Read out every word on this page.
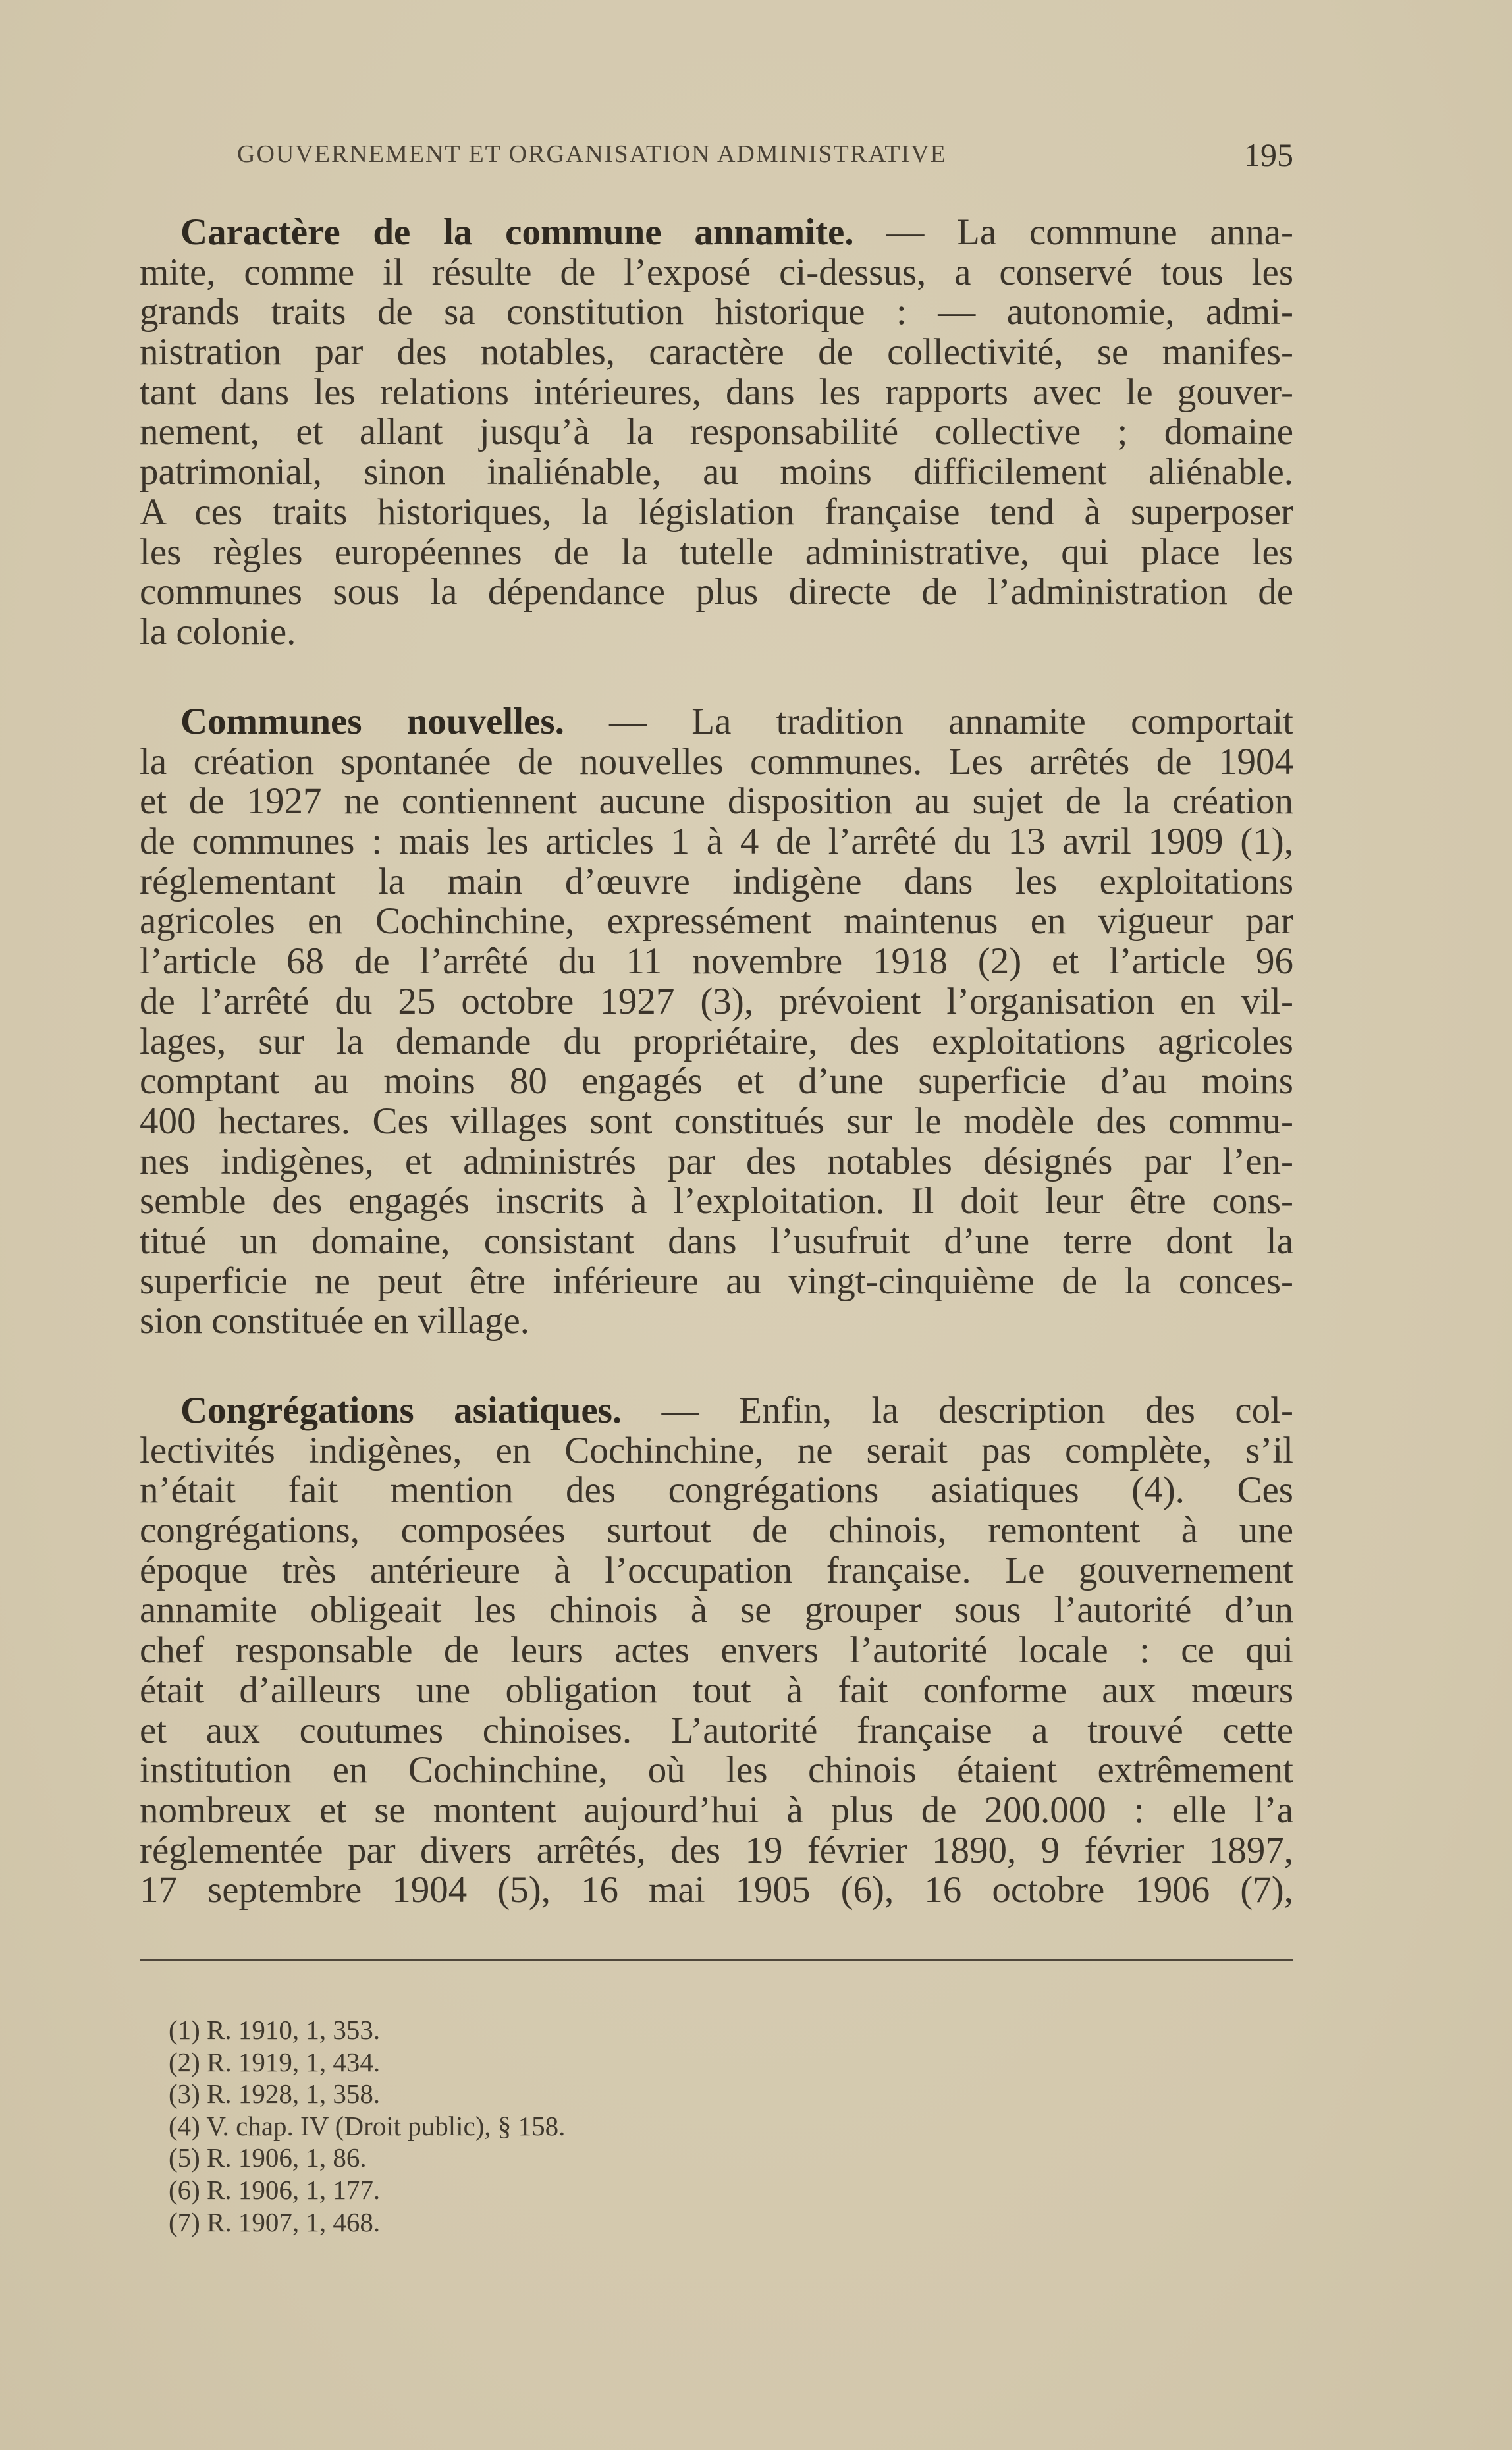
GOUVERNEMENT ET ORGANISATION ADMINISTRATIVE	195
Caractère de la commune annamite. — La commune anna-
mite, comme il résulte de l’exposé ci-dessus, a conservé tous les
grands traits de sa constitution historique : — autonomie, admi-
nistration par des notables, caractère de collectivité, se manifes-
tant dans les relations intérieures, dans les rapports avec le gouver-
nement, et allant jusqu’à la responsabilité collective ; domaine
patrimonial, sinon inaliénable, au moins difficilement aliénable.
A ces traits historiques, la législation française tend à superposer
les règles européennes de la tutelle administrative, qui place les
communes sous la dépendance plus directe de l’administration de
la colonie.
Communes nouvelles. — La tradition annamite comportait
la création spontanée de nouvelles communes. Les arrêtés de 1904
et de 1927 ne contiennent aucune disposition au sujet de la création
de communes : mais les articles 1 à 4 de l’arrêté du 13 avril 1909 (1),
réglementant la main d’œuvre indigène dans les exploitations
agricoles en Cochinchine, expressément maintenus en vigueur par
l’article 68 de l’arrêté du 11 novembre 1918 (2) et l’article 96
de l’arrêté du 25 octobre 1927 (3), prévoient l’organisation en vil-
lages, sur la demande du propriétaire, des exploitations agricoles
comptant au moins 80 engagés et d’une superficie d’au moins
400 hectares. Ces villages sont constitués sur le modèle des commu-
nes indigènes, et administrés par des notables désignés par l’en-
semble des engagés inscrits à l’exploitation. Il doit leur être cons-
titué un domaine, consistant dans l’usufruit d’une terre dont la
superficie ne peut être inférieure au vingt-cinquième de la conces-
sion constituée en village.
Congrégations asiatiques. — Enfin, la description des col-
lectivités indigènes, en Cochinchine, ne serait pas complète, s’il
n’était fait mention des congrégations asiatiques (4). Ces
congrégations, composées surtout de chinois, remontent à une
époque très antérieure à l’occupation française. Le gouvernement
annamite obligeait les chinois à se grouper sous l’autorité d’un
chef responsable de leurs actes envers l’autorité locale : ce qui
était d’ailleurs une obligation tout à fait conforme aux mœurs
et aux coutumes chinoises. L’autorité française a trouvé cette
institution en Cochinchine, où les chinois étaient extrêmement
nombreux et se montent aujourd’hui à plus de 200.000 : elle l’a
réglementée par divers arrêtés, des 19 février 1890, 9 février 1897,
17 septembre 1904 (5), 16 mai 1905 (6), 16 octobre 1906 (7),
(1) R. 1910, 1, 353.
(2) R. 1919, 1, 434.
(3) R. 1928, 1, 358.
(4) V. chap. IV (Droit public), § 158.
(5) R. 1906, 1, 86.
(6) R. 1906, 1, 177.
(7) R. 1907, 1, 468.
